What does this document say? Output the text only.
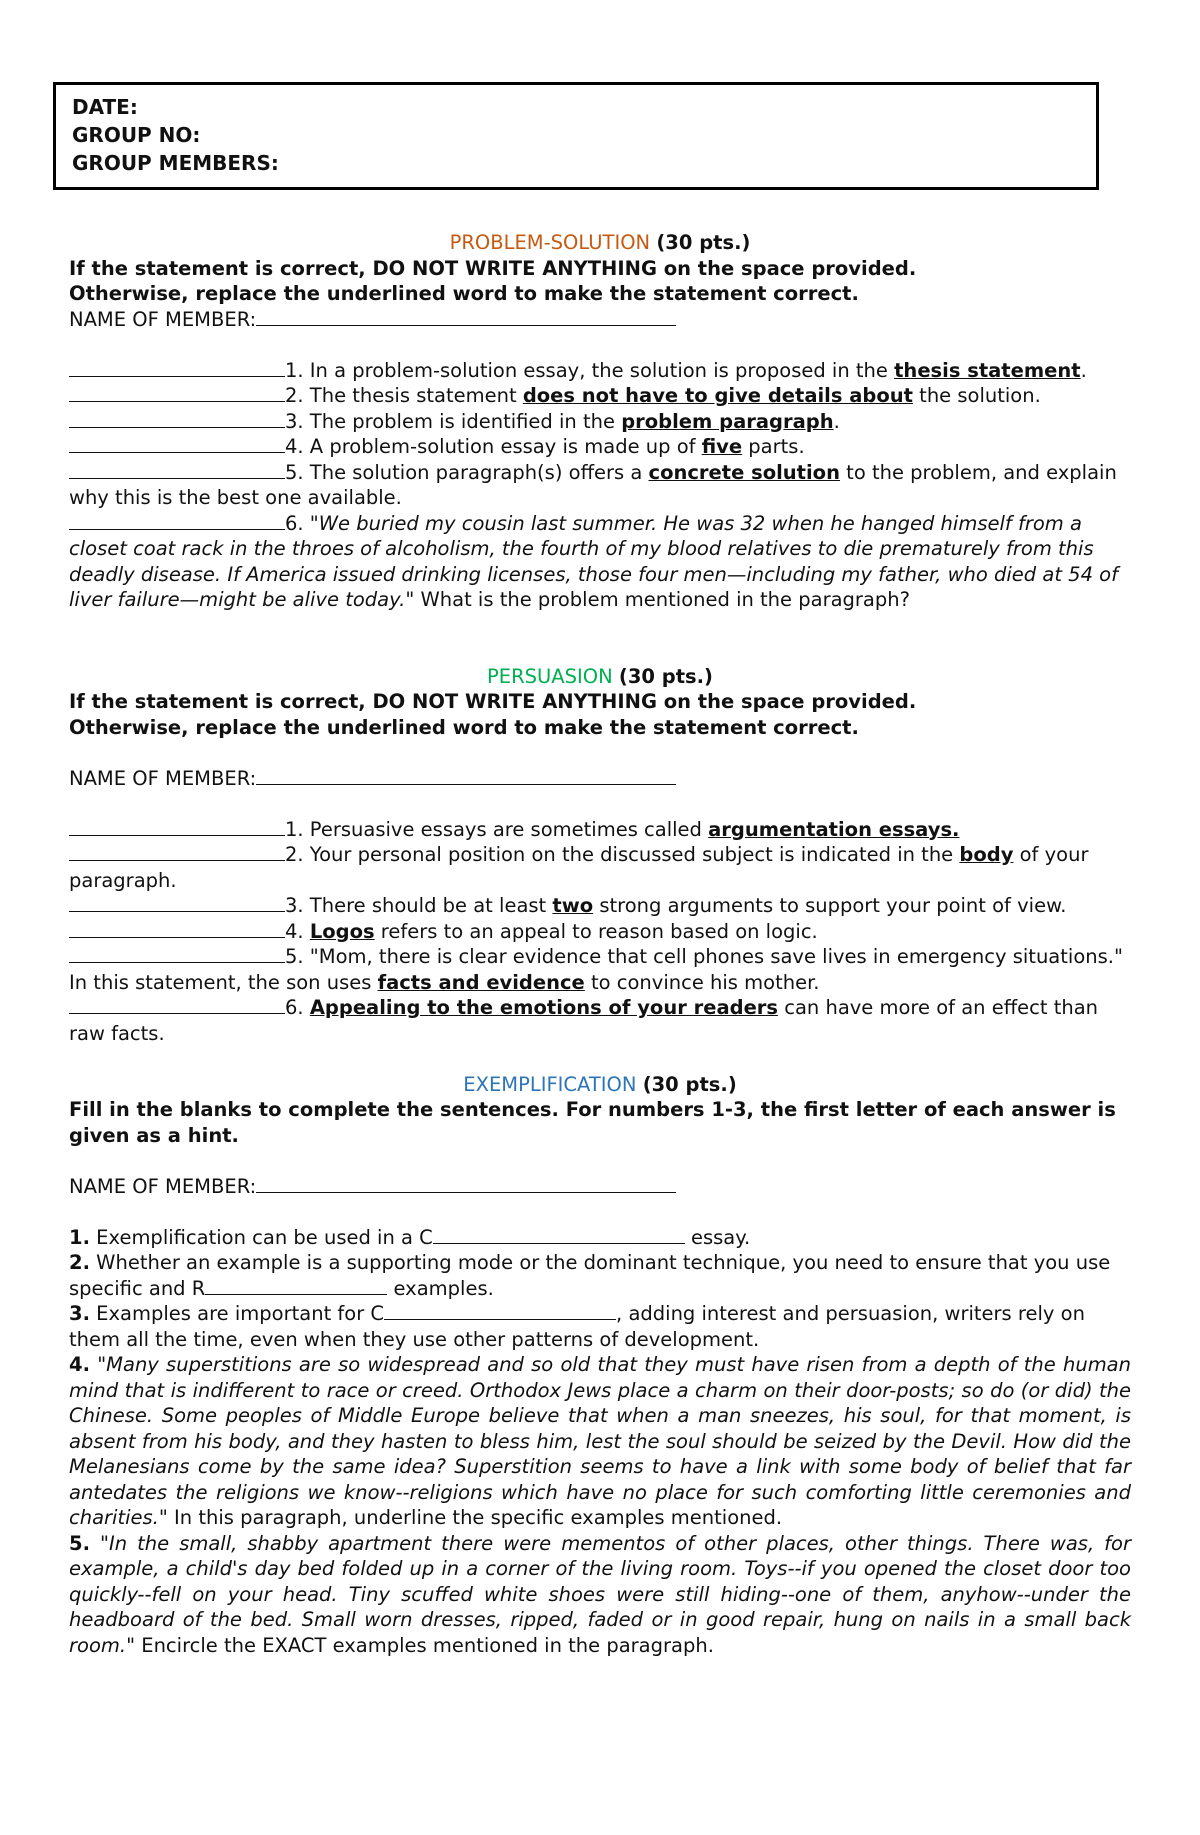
DATE:
GROUP NO:
GROUP MEMBERS:
PROBLEM-SOLUTION (30 pts.)

If the statement is correct, DO NOT WRITE ANYTHING on the space provided.

Otherwise, replace the underlined word to make the statement correct.

NAME OF MEMBER:

1. In a problem-solution essay, the solution is proposed in the thesis statement.

2. The thesis statement does not have to give details about the solution.

3. The problem is identified in the problem paragraph.

4. A problem-solution essay is made up of five parts.

5. The solution paragraph(s) offers a concrete solution to the problem, and explain why this is the best one available.

6. "We buried my cousin last summer. He was 32 when he hanged himself from a closet coat rack in the throes of alcoholism, the fourth of my blood relatives to die prematurely from this deadly disease. If America issued drinking licenses, those four men—including my father, who died at 54 of liver failure—might be alive today." What is the problem mentioned in the paragraph?

PERSUASION (30 pts.)

If the statement is correct, DO NOT WRITE ANYTHING on the space provided.

Otherwise, replace the underlined word to make the statement correct.

NAME OF MEMBER:

1. Persuasive essays are sometimes called argumentation essays.

2. Your personal position on the discussed subject is indicated in the body of your paragraph.

3. There should be at least two strong arguments to support your point of view.

4. Logos refers to an appeal to reason based on logic.

5. "Mom, there is clear evidence that cell phones save lives in emergency situations." In this statement, the son uses facts and evidence to convince his mother.

6. Appealing to the emotions of your readers can have more of an effect than raw facts.

EXEMPLIFICATION (30 pts.)

Fill in the blanks to complete the sentences. For numbers 1-3, the first letter of each answer is given as a hint.

NAME OF MEMBER:

1. Exemplification can be used in a C	essay.

2. Whether an example is a supporting mode or the dominant technique, you need to ensure that you use specific and R	examples.

3. Examples are important for C	, adding interest and persuasion, writers rely on them all the time, even when they use other patterns of development.

4. "Many superstitions are so widespread and so old that they must have risen from a depth of the human mind that is indifferent to race or creed. Orthodox Jews place a charm on their door-posts; so do (or did) the Chinese. Some peoples of Middle Europe believe that when a man sneezes, his soul, for that moment, is absent from his body, and they hasten to bless him, lest the soul should be seized by the Devil. How did the Melanesians come by the same idea? Superstition seems to have a link with some body of belief that far antedates the religions we know--religions which have no place for such comforting little ceremonies and charities." In this paragraph, underline the specific examples mentioned.

5. "In the small, shabby apartment there were mementos of other places, other things. There was, for example, a child's day bed folded up in a corner of the living room. Toys--if you opened the closet door too quickly--fell on your head. Tiny scuffed white shoes were still hiding--one of them, anyhow--under the headboard of the bed. Small worn dresses, ripped, faded or in good repair, hung on nails in a small back room." Encircle the EXACT examples mentioned in the paragraph.
